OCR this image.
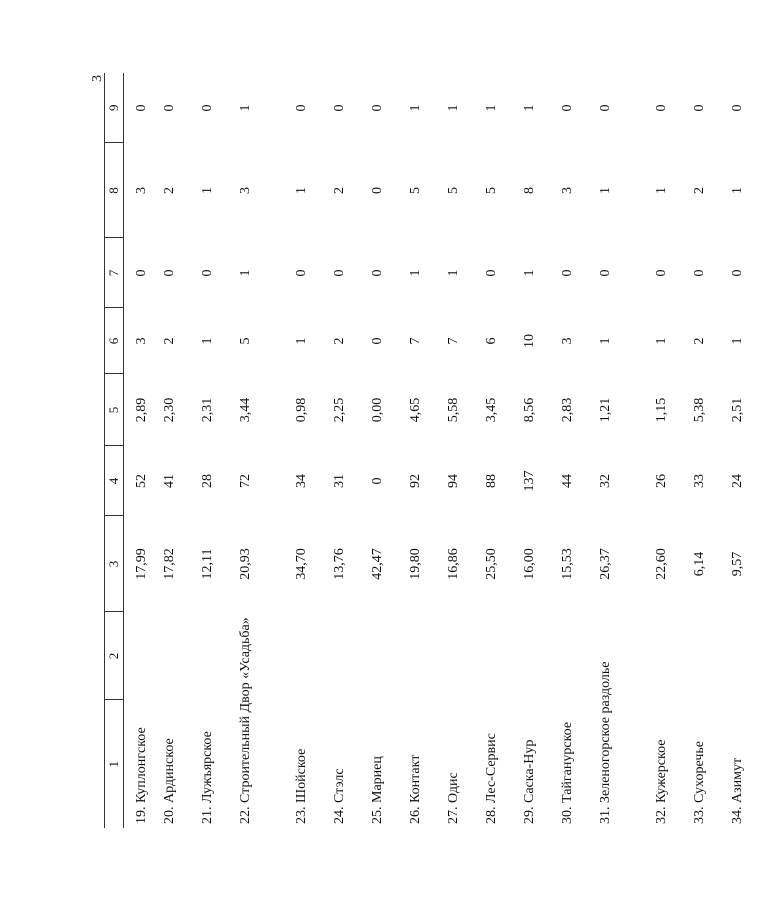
3
1	2	3	4	5	6	7	8	9
19. Куплонгское		17,99	52	2,89	3	0	3	0
20. Ардинское		17,82	41	2,30	2	0	2	0
21. Лужъярское		12,11	28	2,31	1	0	1	0
22. Строительный Двор «Усадьба»		20,93	72	3,44	5	1	3	1
23. Шойское		34,70	34	0,98	1	0	1	0
24. Стэлс		13,76	31	2,25	2	0	2	0
25. Мариец		42,47	0	0,00	0	0	0	0
26. Контакт		19,80	92	4,65	7	1	5	1
27. Одис		16,86	94	5,58	7	1	5	1
28. Лес-Сервис		25,50	88	3,45	6	0	5	1
29. Саска-Нур		16,00	137	8,56	10	1	8	1
30. Тайганурское		15,53	44	2,83	3	0	3	0
31. Зеленогорское раздолье		26,37	32	1,21	1	0	1	0
32. Кужерское		22,60	26	1,15	1	0	1	0
33. Сухоречье		6,14	33	5,38	2	0	2	0
34. Азимут		9,57	24	2,51	1	0	1	0
